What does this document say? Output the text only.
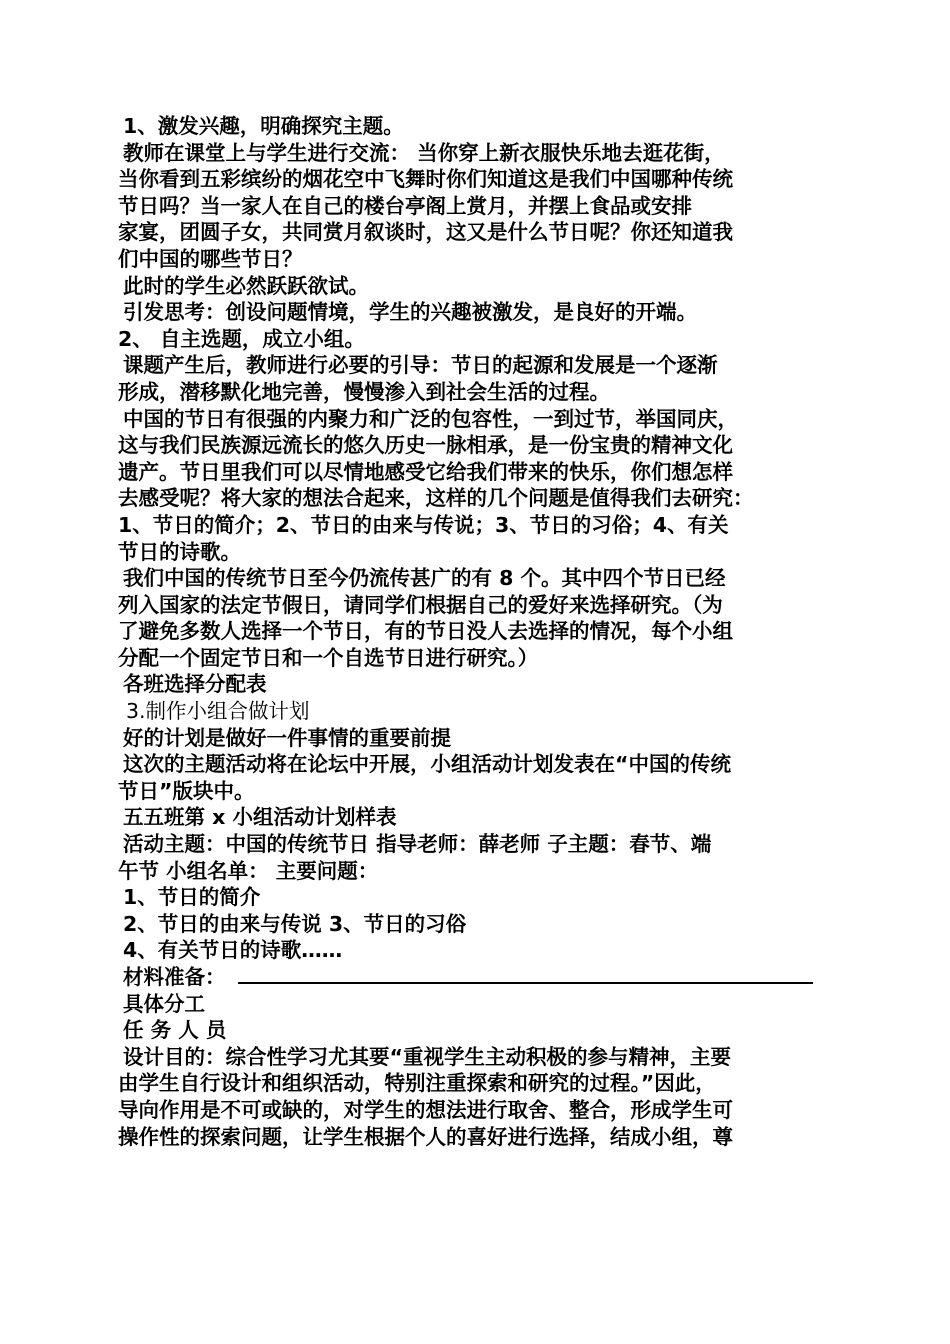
1、激发兴趣，明确探究主题。
教师在课堂上与学生进行交流： 当你穿上新衣服快乐地去逛花街，
当你看到五彩缤纷的烟花空中飞舞时你们知道这是我们中国哪种传统
节日吗？当一家人在自己的楼台亭阁上赏月，并摆上食品或安排
家宴，团圆子女，共同赏月叙谈时，这又是什么节日呢？你还知道我
们中国的哪些节日？
此时的学生必然跃跃欲试。
引发思考：创设问题情境，学生的兴趣被激发，是良好的开端。
2、 自主选题，成立小组。
课题产生后，教师进行必要的引导：节日的起源和发展是一个逐渐
形成，潜移默化地完善，慢慢渗入到社会生活的过程。
中国的节日有很强的内聚力和广泛的包容性，一到过节，举国同庆，
这与我们民族源远流长的悠久历史一脉相承，是一份宝贵的精神文化
遗产。节日里我们可以尽情地感受它给我们带来的快乐，你们想怎样
去感受呢？将大家的想法合起来，这样的几个问题是值得我们去研究：
1、节日的简介；2、节日的由来与传说；3、节日的习俗；4、有关
节日的诗歌。
我们中国的传统节日至今仍流传甚广的有 8 个。其中四个节日已经
列入国家的法定节假日，请同学们根据自己的爱好来选择研究。（为
了避免多数人选择一个节日，有的节日没人去选择的情况，每个小组
分配一个固定节日和一个自选节日进行研究。）
各班选择分配表
3.制作小组合做计划
好的计划是做好一件事情的重要前提
这次的主题活动将在论坛中开展，小组活动计划发表在“中国的传统
节日”版块中。
五五班第 x 小组活动计划样表
活动主题：中国的传统节日 指导老师：薛老师 子主题：春节、端
午节 小组名单： 主要问题：
1、节日的简介
2、节日的由来与传说 3、节日的习俗
4、有关节日的诗歌……
材料准备：
具体分工
任 务 人 员
设计目的：综合性学习尤其要“重视学生主动积极的参与精神，主要
由学生自行设计和组织活动，特别注重探索和研究的过程。”因此，
导向作用是不可或缺的，对学生的想法进行取舍、整合，形成学生可
操作性的探索问题，让学生根据个人的喜好进行选择，结成小组，尊
